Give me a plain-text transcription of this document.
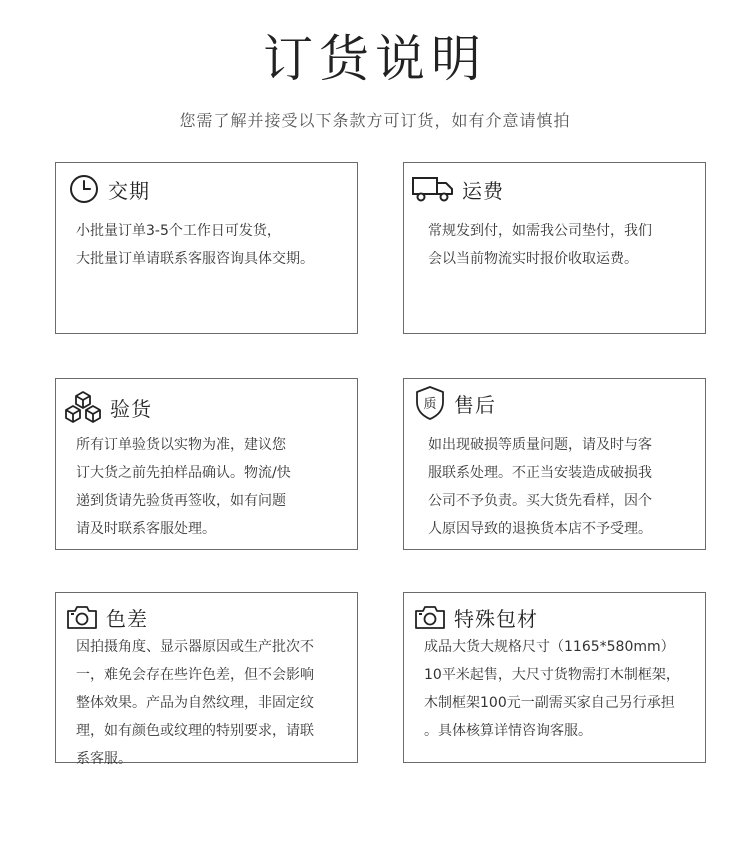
订货说明
您需了解并接受以下条款方可订货，如有介意请慎拍
交期
小批量订单3-5个工作日可发货，
大批量订单请联系客服咨询具体交期。
运费
常规发到付，如需我公司垫付，我们
会以当前物流实时报价收取运费。
验货
所有订单验货以实物为准，建议您
订大货之前先拍样品确认。物流/快
递到货请先验货再签收，如有问题
请及时联系客服处理。
质 售后
如出现破损等质量问题，请及时与客
服联系处理。不正当安装造成破损我
公司不予负责。买大货先看样，因个
人原因导致的退换货本店不予受理。
色差
因拍摄角度、显示器原因或生产批次不
一，难免会存在些许色差，但不会影响
整体效果。产品为自然纹理，非固定纹
理，如有颜色或纹理的特别要求，请联
系客服。
特殊包材
成品大货大规格尺寸（1165*580mm）
10平米起售，大尺寸货物需打木制框架，
木制框架100元一副需买家自己另行承担
。具体核算详情咨询客服。
